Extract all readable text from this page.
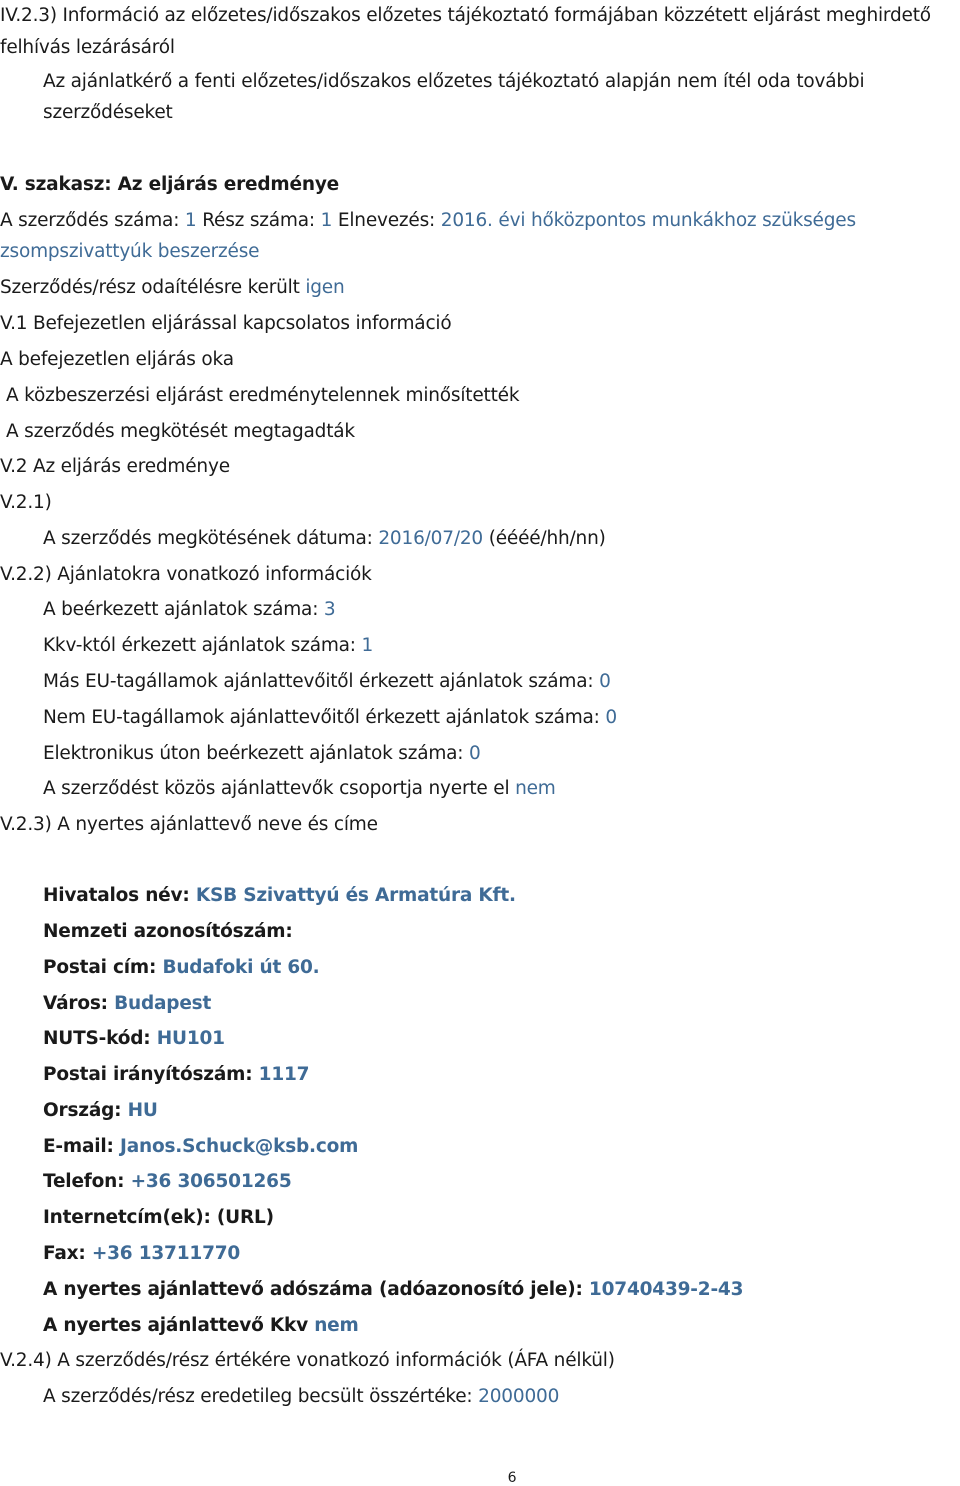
IV.2.3) Információ az előzetes/időszakos előzetes tájékoztató formájában közzétett eljárást meghirdető
felhívás lezárásáról
Az ajánlatkérő a fenti előzetes/időszakos előzetes tájékoztató alapján nem ítél oda további
szerződéseket
V. szakasz: Az eljárás eredménye
A szerződés száma: 1 Rész száma: 1 Elnevezés: 2016. évi hőközpontos munkákhoz szükséges
zsompszivattyúk beszerzése
Szerződés/rész odaítélésre került igen
V.1 Befejezetlen eljárással kapcsolatos információ
A befejezetlen eljárás oka
A közbeszerzési eljárást eredménytelennek minősítették
A szerződés megkötését megtagadták
V.2 Az eljárás eredménye
V.2.1)
A szerződés megkötésének dátuma: 2016/07/20 (éééé/hh/nn)
V.2.2) Ajánlatokra vonatkozó információk
A beérkezett ajánlatok száma: 3
Kkv-któl érkezett ajánlatok száma: 1
Más EU-tagállamok ajánlattevőitől érkezett ajánlatok száma: 0
Nem EU-tagállamok ajánlattevőitől érkezett ajánlatok száma: 0
Elektronikus úton beérkezett ajánlatok száma: 0
A szerződést közös ajánlattevők csoportja nyerte el nem
V.2.3) A nyertes ajánlattevő neve és címe
Hivatalos név: KSB Szivattyú és Armatúra Kft.
Nemzeti azonosítószám:
Postai cím: Budafoki út 60.
Város: Budapest
NUTS-kód: HU101
Postai irányítószám: 1117
Ország: HU
E-mail: Janos.Schuck@ksb.com
Telefon: +36 306501265
Internetcím(ek): (URL)
Fax: +36 13711770
A nyertes ajánlattevő adószáma (adóazonosító jele): 10740439-2-43
A nyertes ajánlattevő Kkv nem
V.2.4) A szerződés/rész értékére vonatkozó információk (ÁFA nélkül)
A szerződés/rész eredetileg becsült összértéke: 2000000
6
